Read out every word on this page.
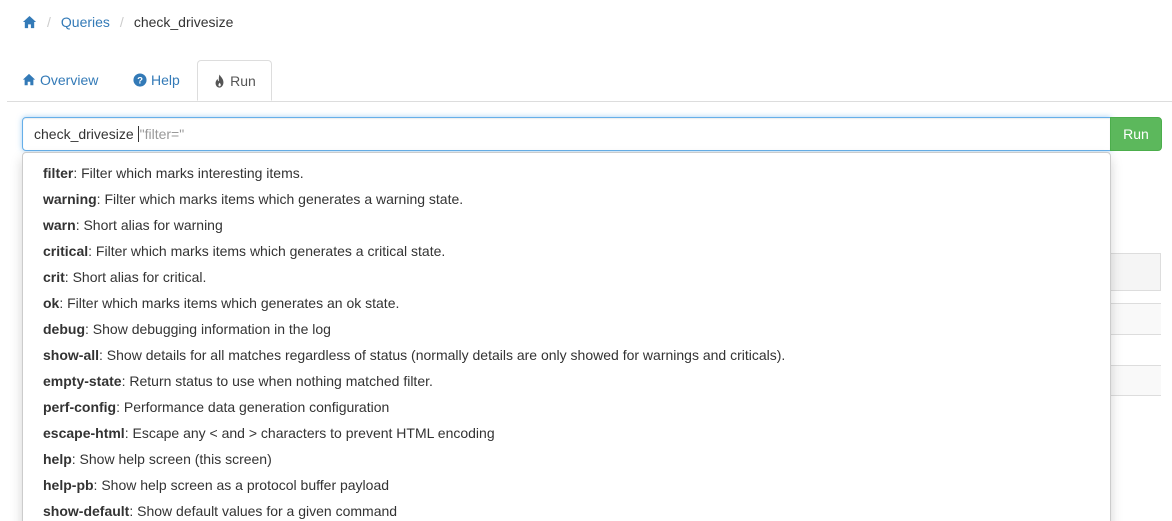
/ Queries / check_drivesize
Overview	? Help	Run
check_drivesize "filter="	Run
filter: Filter which marks interesting items.
warning: Filter which marks items which generates a warning state.
warn: Short alias for warning
critical: Filter which marks items which generates a critical state.
crit: Short alias for critical.
ok: Filter which marks items which generates an ok state.
debug: Show debugging information in the log
show-all: Show details for all matches regardless of status (normally details are only showed for warnings and criticals).
empty-state: Return status to use when nothing matched filter.
perf-config: Performance data generation configuration
escape-html: Escape any < and > characters to prevent HTML encoding
help: Show help screen (this screen)
help-pb: Show help screen as a protocol buffer payload
show-default: Show default values for a given command
